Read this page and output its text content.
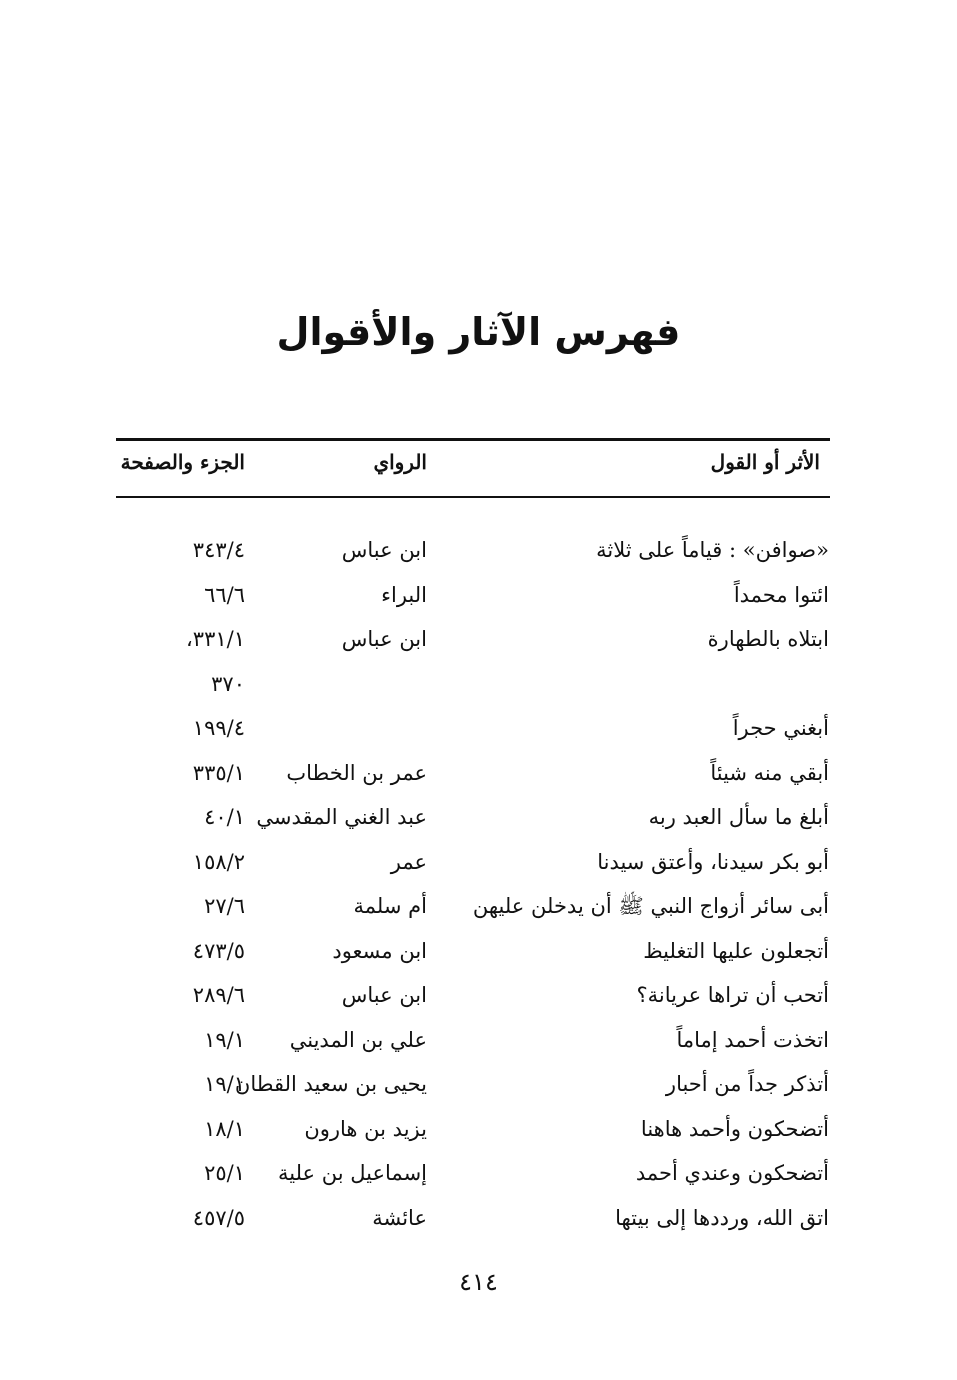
فهرس الآثار والأقوال
الأثر أو القول
الرواي
الجزء والصفحة
«صوافن» : قياماً على ثلاثة
ابن عباس
٣٤٣/٤
ائتوا محمداً
البراء
٦٦/٦
ابتلاه بالطهارة
ابن عباس
٣٣١/١،
٣٧٠
أبغني حجراً
١٩٩/٤
أبقي منه شيئاً
عمر بن الخطاب
٣٣٥/١
أبلغ ما سأل العبد ربه
عبد الغني المقدسي
٤٠/١
أبو بكر سيدنا، وأعتق سيدنا
عمر
١٥٨/٢
أبى سائر أزواج النبي ﷺ أن يدخلن عليهن
أم سلمة
٢٧/٦
أتجعلون عليها التغليظ
ابن مسعود
٤٧٣/٥
أتحب أن تراها عريانة؟
ابن عباس
٢٨٩/٦
اتخذت أحمد إماماً
علي بن المديني
١٩/١
أتذكر جداً من أحبار
يحيى بن سعيد القطان
١٩/١
أتضحكون وأحمد هاهنا
يزيد بن هارون
١٨/١
أتضحكون وعندي أحمد
إسماعيل بن علية
٢٥/١
اتق الله، ورددها إلى بيتها
عائشة
٤٥٧/٥
٤١٤
